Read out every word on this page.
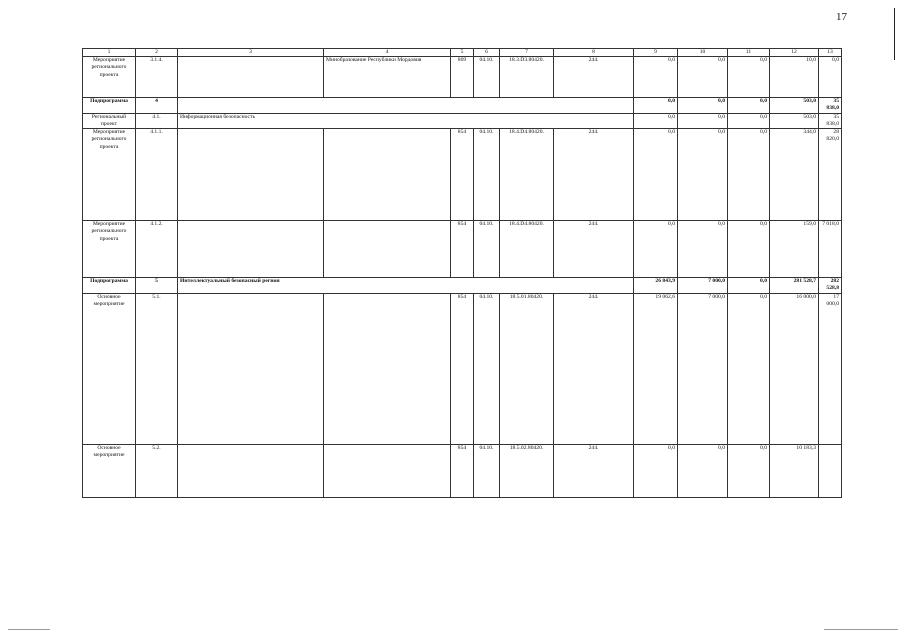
17
1	2	3	4	5	6	7	8	9	10	11	12	13
Мероприятие регионального проекта	3.1.4.		Минобразование Республики Мордовия	809	04.10.	18.3.D3.80420.	244.	0,0	0,0	0,0	10,0	0,0
Подпрограмма	4							0,0	0,0	0,0	503,0	35 838,0
Региональный проект	4.1.	Информационная безопасность						0,0	0,0	0,0	503,0	35 838,0
Мероприятие регионального проекта	4.1.1.			854	04.10.	18.4.D4.80420.	244.	0,0	0,0	0,0	344,0	28 820,0
Мероприятие регионального проекта	4.1.2.			854	04.10.	18.4.D4.80420.	244.	0,0	0,0	0,0	159,0	7 018,0
Подпрограмма	5	Интеллектуальный безопасный регион						26 843,9	7 000,0	0,0	281 528,7	282 528,8
Основное мероприятие	5.1.			854	04.10.	18.5.01.80420.	244.	19 062,6	7 000,0	0,0	16 000,0	17 000,0
Основное мероприятие	5.2.			854	04.10.	18.5.02.80420.	244.	0,0	0,0	0,0	10 183,3	
